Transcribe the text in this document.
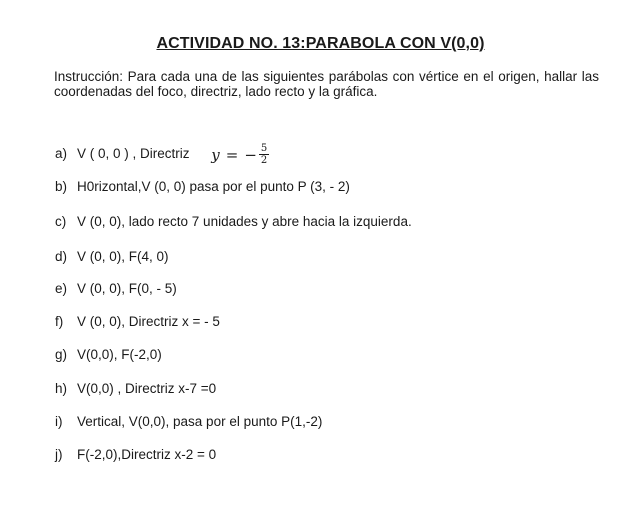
ACTIVIDAD NO. 13:PARABOLA CON V(0,0)
Instrucción: Para cada una de las siguientes parábolas con vértice en el origen, hallar las coordenadas del foco, directriz, lado recto y la gráfica.
a) V ( 0, 0 ) , Directriz y = − $\frac{5}{2}$
b) H0rizontal,V (0, 0) pasa por el punto P (3, - 2)
c) V (0, 0), lado recto 7 unidades y abre hacia la izquierda.
d) V (0, 0), F(4, 0)
e) V (0, 0), F(0, - 5)
f) V (0, 0), Directriz x = - 5
g) V(0,0), F(-2,0)
h) V(0,0) , Directriz x-7 =0
i) Vertical, V(0,0), pasa por el punto P(1,-2)
j) F(-2,0),Directriz x-2 = 0
